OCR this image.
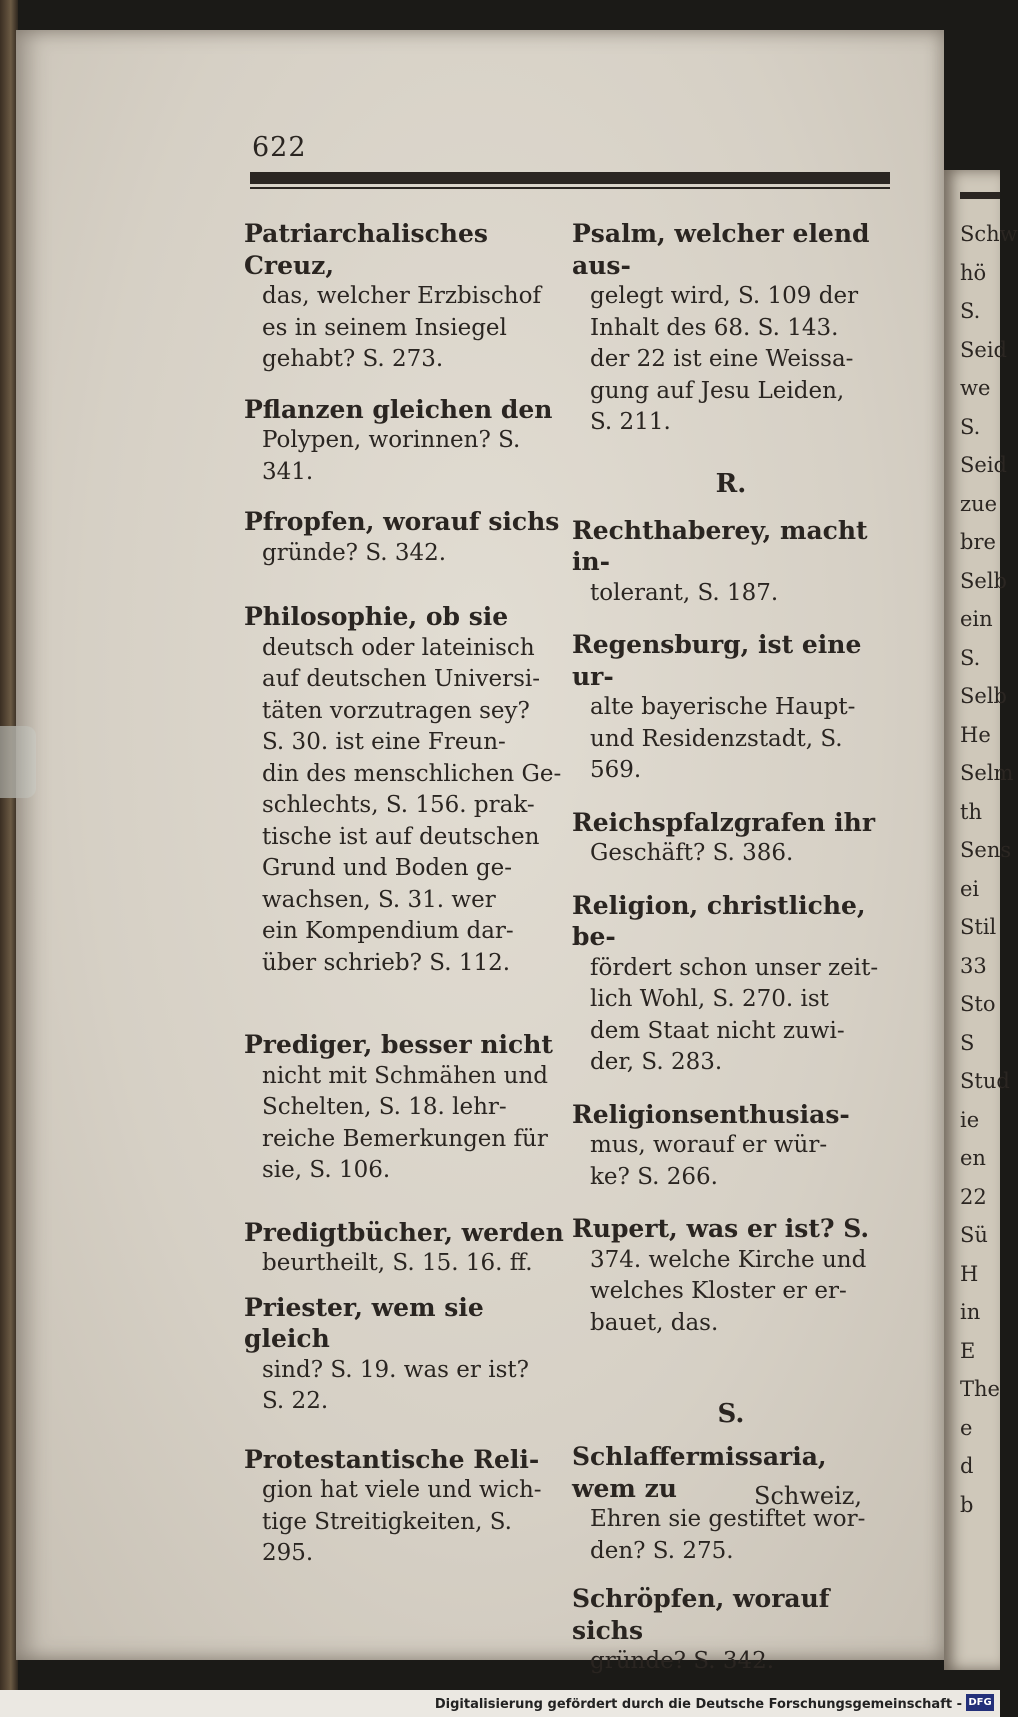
Schw
hö
S.
Seid
we
S.
Seid
zue
bre
Selb
ein
S.
Selb
He
Selm
th
Sens
ei
Stil
33
Sto
S
Stud
ie
en
22
Sü
H
in
E
The
e
d
b
622
Patriarchalisches Creuz,
das, welcher Erzbischof
es in seinem Insiegel
gehabt? S. 273.
Pflanzen gleichen den
Polypen, worinnen? S.
341.
Pfropfen, worauf sichs
gründe? S. 342.
Philosophie, ob sie
deutsch oder lateinisch
auf deutschen Universi-
täten vorzutragen sey?
S. 30. ist eine Freun-
din des menschlichen Ge-
schlechts, S. 156. prak-
tische ist auf deutschen
Grund und Boden ge-
wachsen, S. 31. wer
ein Kompendium dar-
über schrieb? S. 112.
Prediger, besser nicht
nicht mit Schmähen und
Schelten, S. 18. lehr-
reiche Bemerkungen für
sie, S. 106.
Predigtbücher, werden
beurtheilt, S. 15. 16. ff.
Priester, wem sie gleich
sind? S. 19. was er ist?
S. 22.
Protestantische Reli-
gion hat viele und wich-
tige Streitigkeiten, S.
295.
Psalm, welcher elend aus-
gelegt wird, S. 109 der
Inhalt des 68. S. 143.
der 22 ist eine Weissa-
gung auf Jesu Leiden,
S. 211.
R.
Rechthaberey, macht in-
tolerant, S. 187.
Regensburg, ist eine ur-
alte bayerische Haupt-
und Residenzstadt, S.
569.
Reichspfalzgrafen ihr
Geschäft? S. 386.
Religion, christliche, be-
fördert schon unser zeit-
lich Wohl, S. 270. ist
dem Staat nicht zuwi-
der, S. 283.
Religionsenthusias-
mus, worauf er wür-
ke? S. 266.
Rupert, was er ist? S.
374. welche Kirche und
welches Kloster er er-
bauet, das.
S.
Schlaffermissaria, wem zu
Ehren sie gestiftet wor-
den? S. 275.
Schröpfen, worauf sichs
gründe? S. 342.
Schweiz,
Digitalisierung gefördert durch die Deutsche Forschungsgemeinschaft - DFG
